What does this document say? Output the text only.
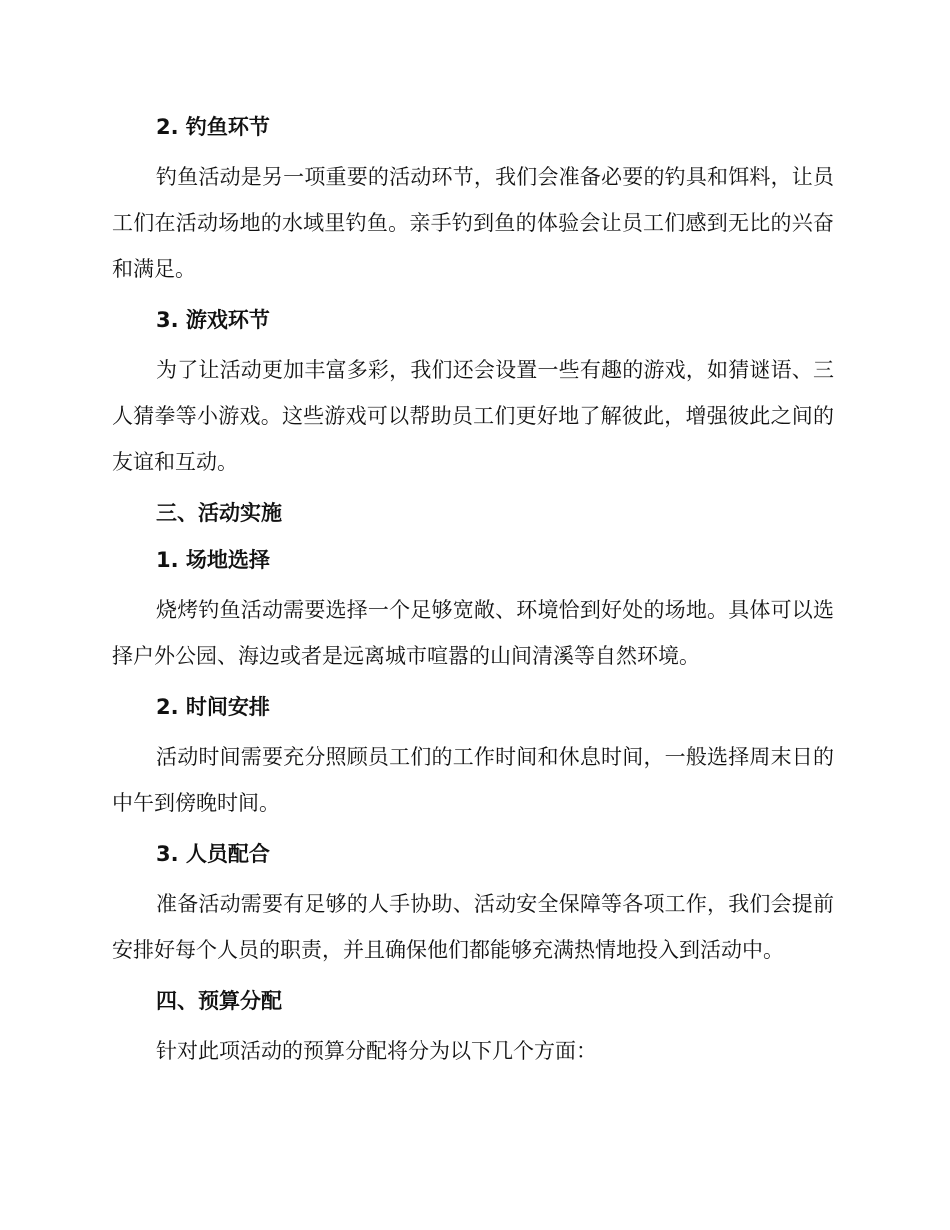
2. 钓鱼环节

钓鱼活动是另一项重要的活动环节，我们会准备必要的钓具和饵料，让员工们在活动场地的水域里钓鱼。亲手钓到鱼的体验会让员工们感到无比的兴奋和满足。

3. 游戏环节

为了让活动更加丰富多彩，我们还会设置一些有趣的游戏，如猜谜语、三人猜拳等小游戏。这些游戏可以帮助员工们更好地了解彼此，增强彼此之间的友谊和互动。

三、活动实施
1. 场地选择

烧烤钓鱼活动需要选择一个足够宽敞、环境恰到好处的场地。具体可以选择户外公园、海边或者是远离城市喧嚣的山间清溪等自然环境。

2. 时间安排

活动时间需要充分照顾员工们的工作时间和休息时间，一般选择周末日的中午到傍晚时间。

3. 人员配合

准备活动需要有足够的人手协助、活动安全保障等各项工作，我们会提前安排好每个人员的职责，并且确保他们都能够充满热情地投入到活动中。

四、预算分配

针对此项活动的预算分配将分为以下几个方面：
